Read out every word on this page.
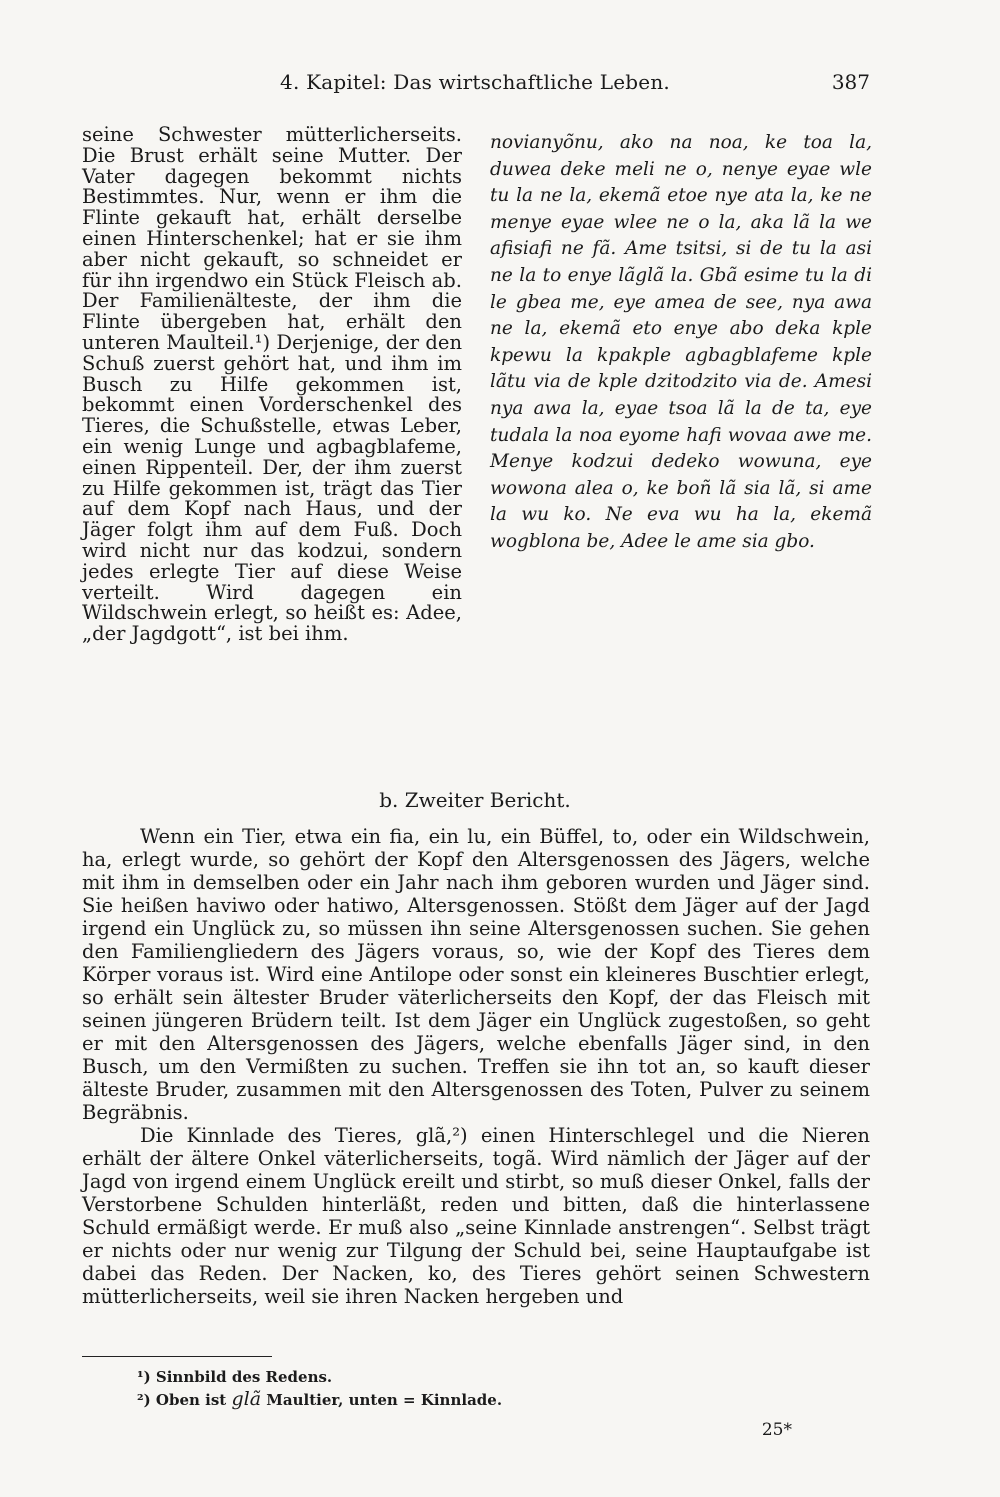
4. Kapitel: Das wirtschaftliche Leben.	387

seine Schwester mütterlicherseits. Die Brust erhält seine Mutter. Der Vater dagegen bekommt nichts Bestimmtes. Nur, wenn er ihm die Flinte gekauft hat, erhält derselbe einen Hinterschenkel; hat er sie ihm aber nicht gekauft, so schneidet er für ihn irgendwo ein Stück Fleisch ab. Der Familienälteste, der ihm die Flinte übergeben hat, erhält den unteren Maulteil.¹) Derjenige, der den Schuß zuerst gehört hat, und ihm im Busch zu Hilfe gekommen ist, bekommt einen Vorderschenkel des Tieres, die Schußstelle, etwas Leber, ein wenig Lunge und agbagblafeme, einen Rippenteil. Der, der ihm zuerst zu Hilfe gekommen ist, trägt das Tier auf dem Kopf nach Haus, und der Jäger folgt ihm auf dem Fuß. Doch wird nicht nur das kodzui, sondern jedes erlegte Tier auf diese Weise verteilt. Wird dagegen ein Wildschwein erlegt, so heißt es: Adee, „der Jagdgott“, ist bei ihm.

novianyõnu, ako na noa, ke toa la, duwea deke meli ne o, nenye eyae wle tu la ne la, ekemã etoe nye ata la, ke ne menye eyae wlee ne o la, aka lã la we afisiafi ne fã. Ame tsitsi, si de tu la asi ne la to enye lãglã la. Gbã esime tu la di le gbea me, eye amea de see, nya awa ne la, ekemã eto enye abo deka kple kpewu la kpakple agbagblafeme kple lãtu via de kple dzitodzito via de. Amesi nya awa la, eyae tsoa lã la de ta, eye tudala la noa eyome hafi wovaa awe me. Menye kodzui dedeko wowuna, eye wowona alea o, ke boñ lã sia lã, si ame la wu ko. Ne eva wu ha la, ekemã wogblona be, Adee le ame sia gbo.

b. Zweiter Bericht.

Wenn ein Tier, etwa ein fia, ein lu, ein Büffel, to, oder ein Wildschwein, ha, erlegt wurde, so gehört der Kopf den Altersgenossen des Jägers, welche mit ihm in demselben oder ein Jahr nach ihm geboren wurden und Jäger sind. Sie heißen haviwo oder hatiwo, Altersgenossen. Stößt dem Jäger auf der Jagd irgend ein Unglück zu, so müssen ihn seine Altersgenossen suchen. Sie gehen den Familiengliedern des Jägers voraus, so, wie der Kopf des Tieres dem Körper voraus ist. Wird eine Antilope oder sonst ein kleineres Buschtier erlegt, so erhält sein ältester Bruder väterlicherseits den Kopf, der das Fleisch mit seinen jüngeren Brüdern teilt. Ist dem Jäger ein Unglück zugestoßen, so geht er mit den Altersgenossen des Jägers, welche ebenfalls Jäger sind, in den Busch, um den Vermißten zu suchen. Treffen sie ihn tot an, so kauft dieser älteste Bruder, zusammen mit den Altersgenossen des Toten, Pulver zu seinem Begräbnis.

Die Kinnlade des Tieres, glã,²) einen Hinterschlegel und die Nieren erhält der ältere Onkel väterlicherseits, togã. Wird nämlich der Jäger auf der Jagd von irgend einem Unglück ereilt und stirbt, so muß dieser Onkel, falls der Verstorbene Schulden hinterläßt, reden und bitten, daß die hinterlassene Schuld ermäßigt werde. Er muß also „seine Kinnlade anstrengen“. Selbst trägt er nichts oder nur wenig zur Tilgung der Schuld bei, seine Hauptaufgabe ist dabei das Reden. Der Nacken, ko, des Tieres gehört seinen Schwestern mütterlicherseits, weil sie ihren Nacken hergeben und

¹) Sinnbild des Redens.
²) Oben ist glã Maultier, unten = Kinnlade.
25*
